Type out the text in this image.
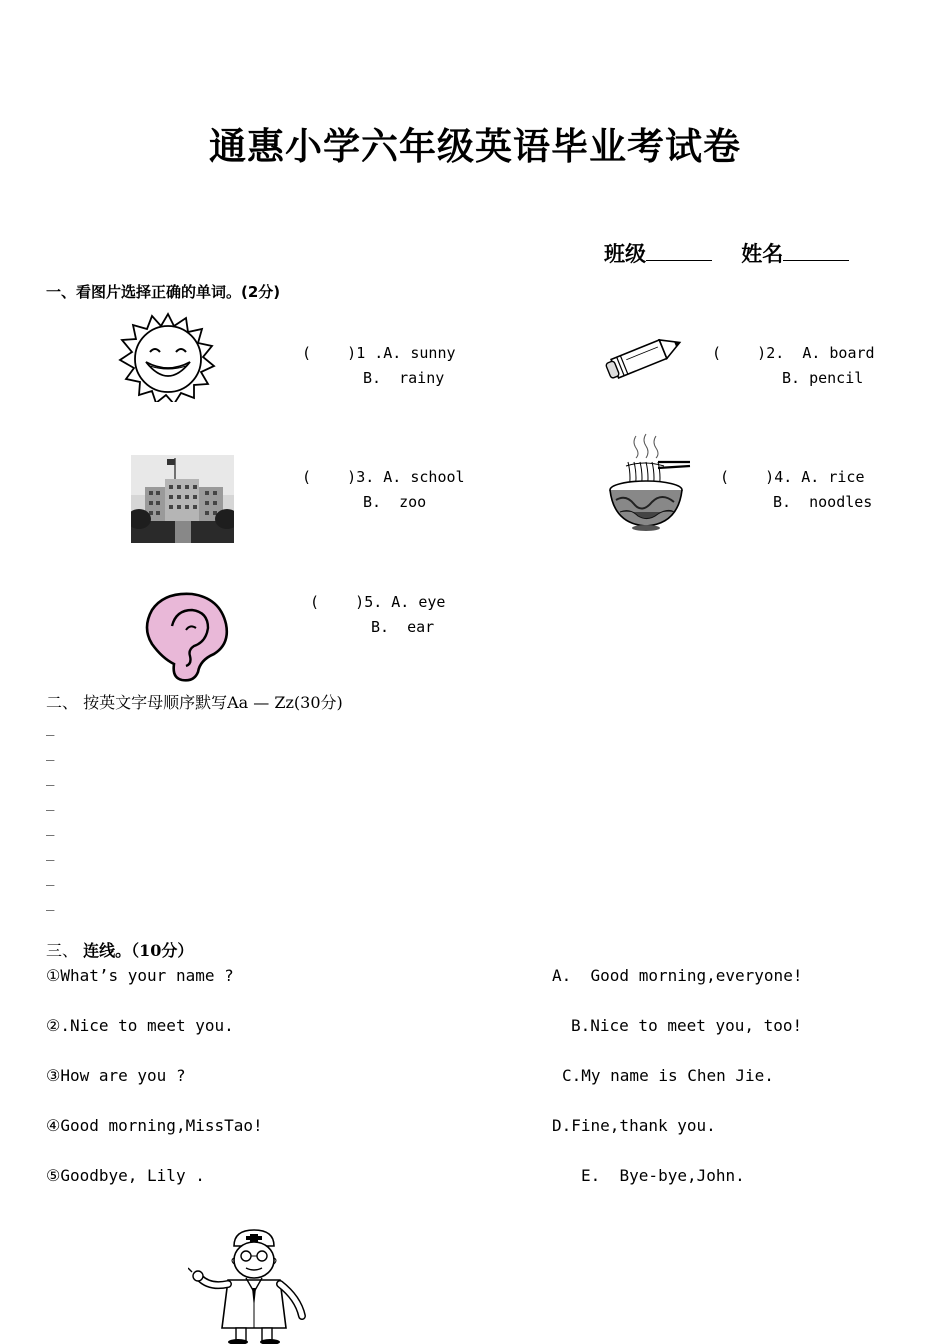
通惠小学六年级英语毕业考试卷
班级	姓名
一、看图片选择正确的单词。(2分)
(    )1 .A. sunny
B. rainy
(    )2. A. board
B. pencil
(    )3. A. school
B. zoo
(    )4. A. rice
B. noodles
(    )5. A. eye
B. ear
二、 按英文字母顺序默写Aa — Zz(30分)
_
_
_
_
_
_
_
_
三、 连线。（10分）
①What’s your name ?
②.Nice to meet you.
③How are you ?
④Good morning,MissTao!
⑤Goodbye, Lily .
A.  Good morning,everyone!
B.Nice to meet you, too!
C.My name is Chen Jie.
D.Fine,thank you.
E.  Bye-bye,John.
